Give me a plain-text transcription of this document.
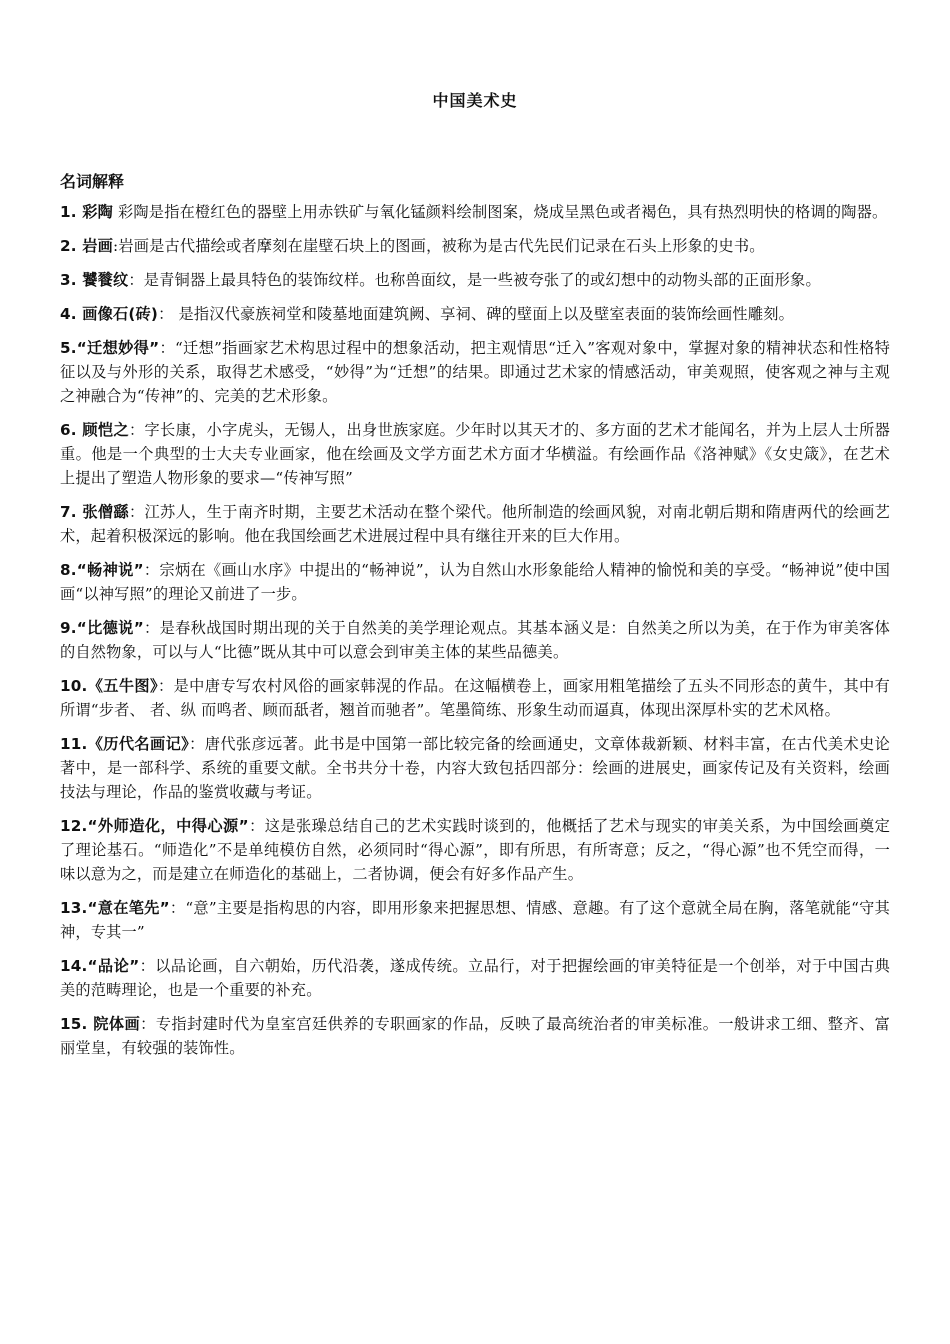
中国美术史
名词解释

1. 彩陶 彩陶是指在橙红色的器壁上用赤铁矿与氧化锰颜料绘制图案，烧成呈黑色或者褐色，具有热烈明快的格调的陶器。

2. 岩画:岩画是古代描绘或者摩刻在崖壁石块上的图画，被称为是古代先民们记录在石头上形象的史书。

3. 饕餮纹：是青铜器上最具特色的装饰纹样。也称兽面纹，是一些被夸张了的或幻想中的动物头部的正面形象。

4. 画像石(砖)： 是指汉代豪族祠堂和陵墓地面建筑阙、享祠、碑的壁面上以及壁室表面的装饰绘画性雕刻。

5.“迁想妙得”：“迁想”指画家艺术构思过程中的想象活动，把主观情思“迁入”客观对象中，掌握对象的精神状态和性格特征以及与外形的关系，取得艺术感受，“妙得”为“迁想”的结果。即通过艺术家的情感活动，审美观照，使客观之神与主观之神融合为“传神”的、完美的艺术形象。

6. 顾恺之：字长康，小字虎头，无锡人，出身世族家庭。少年时以其天才的、多方面的艺术才能闻名，并为上层人士所器重。他是一个典型的士大夫专业画家，他在绘画及文学方面艺术方面才华横溢。有绘画作品《洛神赋》《女史箴》，在艺术上提出了塑造人物形象的要求—“传神写照”

7. 张僧繇：江苏人，生于南齐时期，主要艺术活动在整个梁代。他所制造的绘画风貌，对南北朝后期和隋唐两代的绘画艺术，起着积极深远的影响。他在我国绘画艺术进展过程中具有继往开来的巨大作用。

8.“畅神说”：宗炳在《画山水序》中提出的“畅神说”，认为自然山水形象能给人精神的愉悦和美的享受。“畅神说”使中国画“以神写照”的理论又前进了一步。

9.“比德说”：是春秋战国时期出现的关于自然美的美学理论观点。其基本涵义是：自然美之所以为美，在于作为审美客体的自然物象，可以与人“比德”既从其中可以意会到审美主体的某些品德美。

10.《五牛图》：是中唐专写农村风俗的画家韩滉的作品。在这幅横卷上，画家用粗笔描绘了五头不同形态的黄牛，其中有所谓“步者、 者、纵 而鸣者、顾而舐者，翘首而驰者”。笔墨简练、形象生动而逼真，体现出深厚朴实的艺术风格。

11.《历代名画记》：唐代张彦远著。此书是中国第一部比较完备的绘画通史，文章体裁新颖、材料丰富，在古代美术史论著中，是一部科学、系统的重要文献。全书共分十卷，内容大致包括四部分：绘画的进展史，画家传记及有关资料，绘画技法与理论，作品的鉴赏收藏与考证。

12.“外师造化，中得心源”：这是张璪总结自己的艺术实践时谈到的，他概括了艺术与现实的审美关系，为中国绘画奠定了理论基石。“师造化”不是单纯模仿自然，必须同时“得心源”，即有所思，有所寄意；反之，“得心源”也不凭空而得，一味以意为之，而是建立在师造化的基础上，二者协调，便会有好多作品产生。

13.“意在笔先”：“意”主要是指构思的内容，即用形象来把握思想、情感、意趣。有了这个意就全局在胸，落笔就能“守其神，专其一”

14.“品论”：以品论画，自六朝始，历代沿袭，遂成传统。立品行，对于把握绘画的审美特征是一个创举，对于中国古典美的范畴理论，也是一个重要的补充。

15. 院体画：专指封建时代为皇室宫廷供养的专职画家的作品，反映了最高统治者的审美标准。一般讲求工细、整齐、富丽堂皇，有较强的装饰性。
